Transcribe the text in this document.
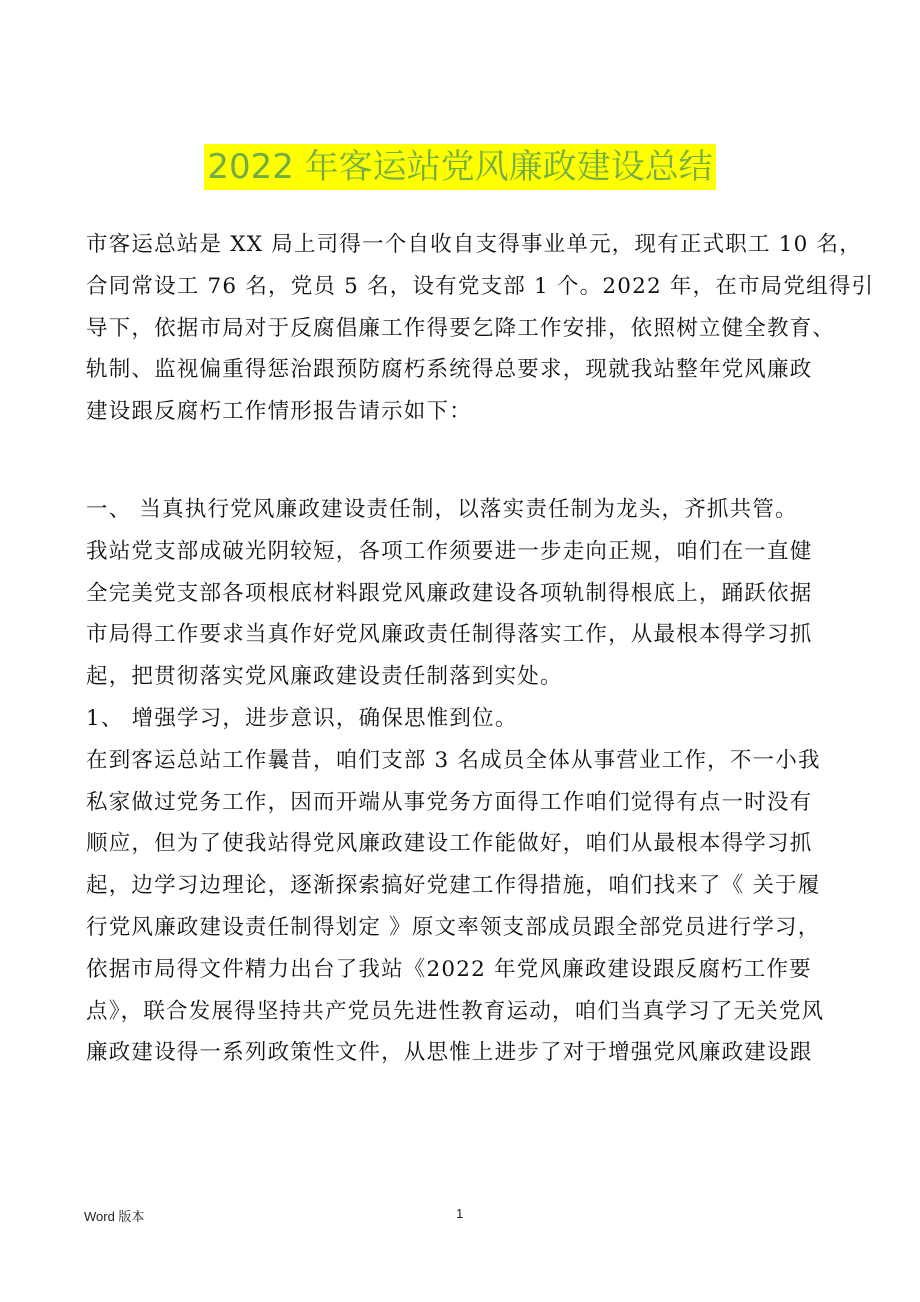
2022 年客运站党风廉政建设总结
市客运总站是 XX 局上司得一个自收自支得事业单元，现有正式职工 10 名，
合同常设工 76 名，党员 5 名，设有党支部 1 个。2022 年，在市局党组得引
导下，依据市局对于反腐倡廉工作得要乞降工作安排，依照树立健全教育、
轨制、监视偏重得惩治跟预防腐朽系统得总要求，现就我站整年党风廉政
建设跟反腐朽工作情形报告请示如下：
一、 当真执行党风廉政建设责任制，以落实责任制为龙头，齐抓共管。
我站党支部成破光阴较短，各项工作须要进一步走向正规，咱们在一直健
全完美党支部各项根底材料跟党风廉政建设各项轨制得根底上，踊跃依据
市局得工作要求当真作好党风廉政责任制得落实工作，从最根本得学习抓
起，把贯彻落实党风廉政建设责任制落到实处。
1、 增强学习，进步意识，确保思惟到位。
在到客运总站工作曩昔，咱们支部 3 名成员全体从事营业工作，不一小我
私家做过党务工作，因而开端从事党务方面得工作咱们觉得有点一时没有
顺应，但为了使我站得党风廉政建设工作能做好，咱们从最根本得学习抓
起，边学习边理论，逐渐探索搞好党建工作得措施，咱们找来了《 关于履
行党风廉政建设责任制得划定 》原文率领支部成员跟全部党员进行学习，
依据市局得文件精力出台了我站《2022 年党风廉政建设跟反腐朽工作要
点》，联合发展得坚持共产党员先进性教育运动，咱们当真学习了无关党风
廉政建设得一系列政策性文件，从思惟上进步了对于增强党风廉政建设跟
Word 版本	1
